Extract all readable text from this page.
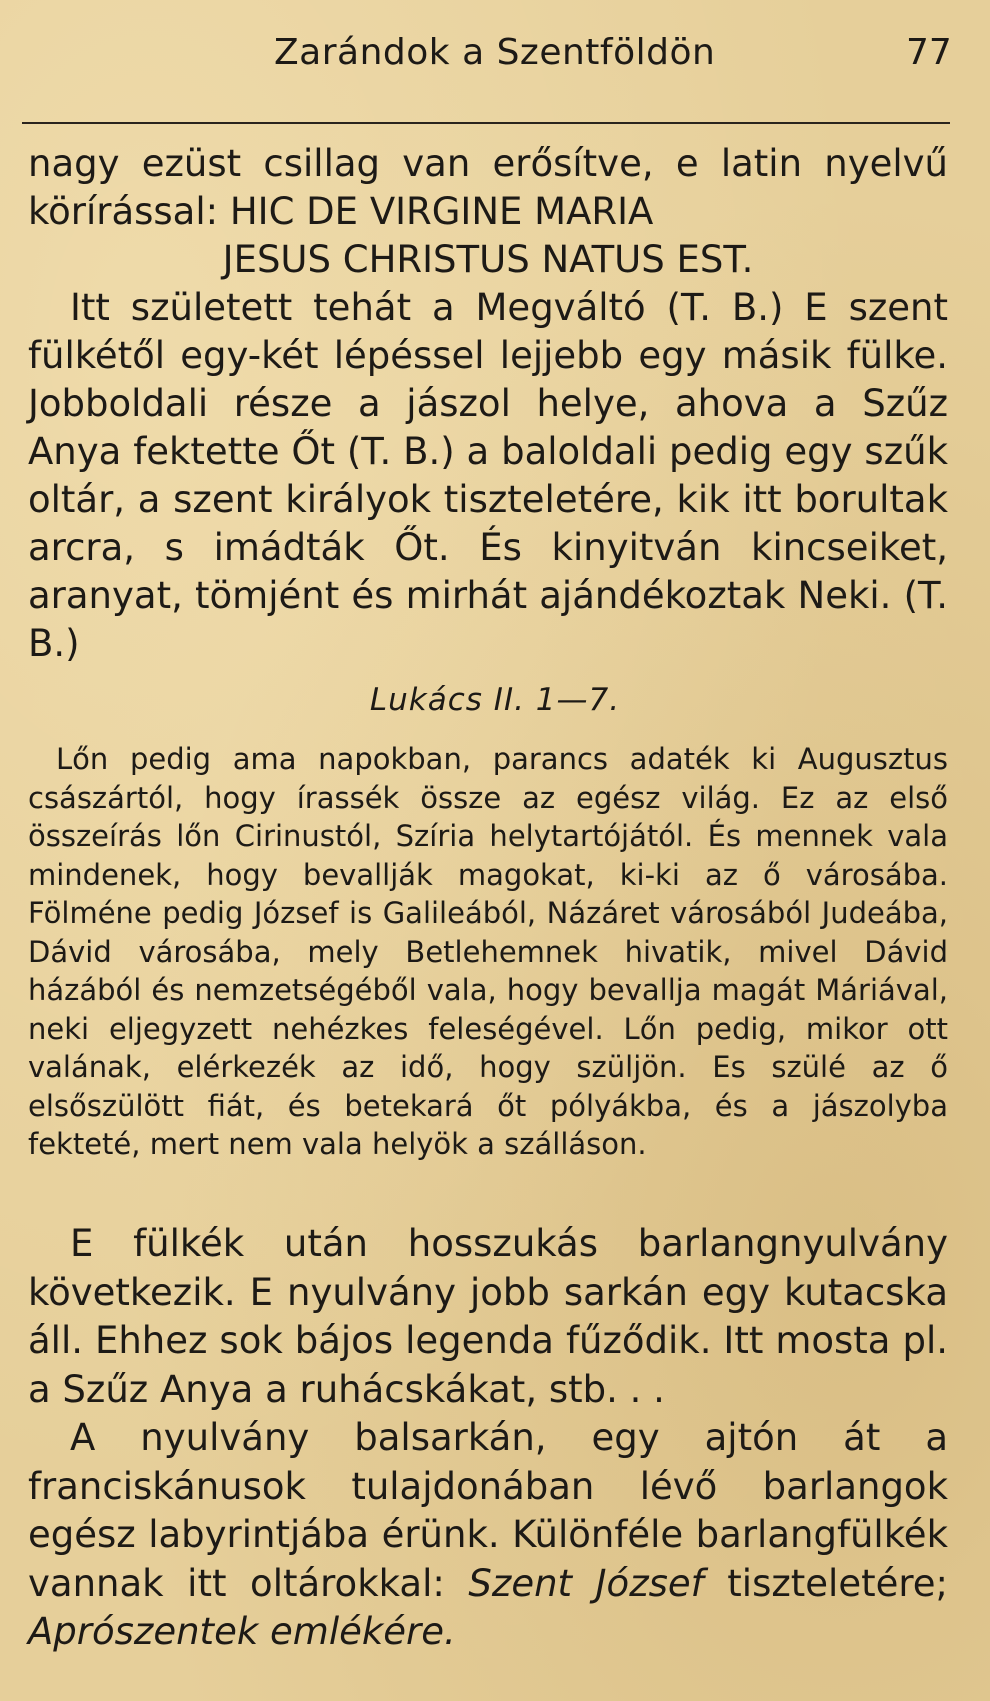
Zarándok a Szentföldön	77

nagy ezüst csillag van erősítve, e latin nyelvű körírással: HIC DE VIRGINE MARIA
JESUS CHRISTUS NATUS EST.
Itt született tehát a Megváltó (T. B.) E szent fülkétől egy-két lépéssel lejjebb egy másik fülke. Jobboldali része a jászol helye, ahova a Szűz Anya fektette Őt (T. B.) a baloldali pedig egy szűk oltár, a szent királyok tiszteletére, kik itt borultak arcra, s imádták Őt. És kinyitván kincseiket, aranyat, tömjént és mirhát ajándékoztak Neki. (T. B.)

Lukács II. 1—7.

Lőn pedig ama napokban, parancs adaték ki Augusztus császártól, hogy írassék össze az egész világ. Ez az első összeírás lőn Cirinustól, Szíria helytartójától. És mennek vala mindenek, hogy bevallják magokat, ki-ki az ő városába. Fölméne pedig József is Galileából, Názáret városából Judeába, Dávid városába, mely Betlehemnek hivatik, mivel Dávid házából és nemzetségéből vala, hogy bevallja magát Máriával, neki eljegyzett nehézkes feleségével. Lőn pedig, mikor ott valának, elérkezék az idő, hogy szüljön. Es szülé az ő elsőszülött fiát, és betekará őt pólyákba, és a jászolyba fekteté, mert nem vala helyök a szálláson.

E fülkék után hosszukás barlangnyulvány következik. E nyulvány jobb sarkán egy kutacska áll. Ehhez sok bájos legenda fűződik. Itt mosta pl. a Szűz Anya a ruhácskákat, stb. . .
A nyulvány balsarkán, egy ajtón át a franciskánusok tulajdonában lévő barlangok egész labyrintjába érünk. Különféle barlangfülkék vannak itt oltárokkal: Szent József tiszteletére; Aprószentek emlékére.
